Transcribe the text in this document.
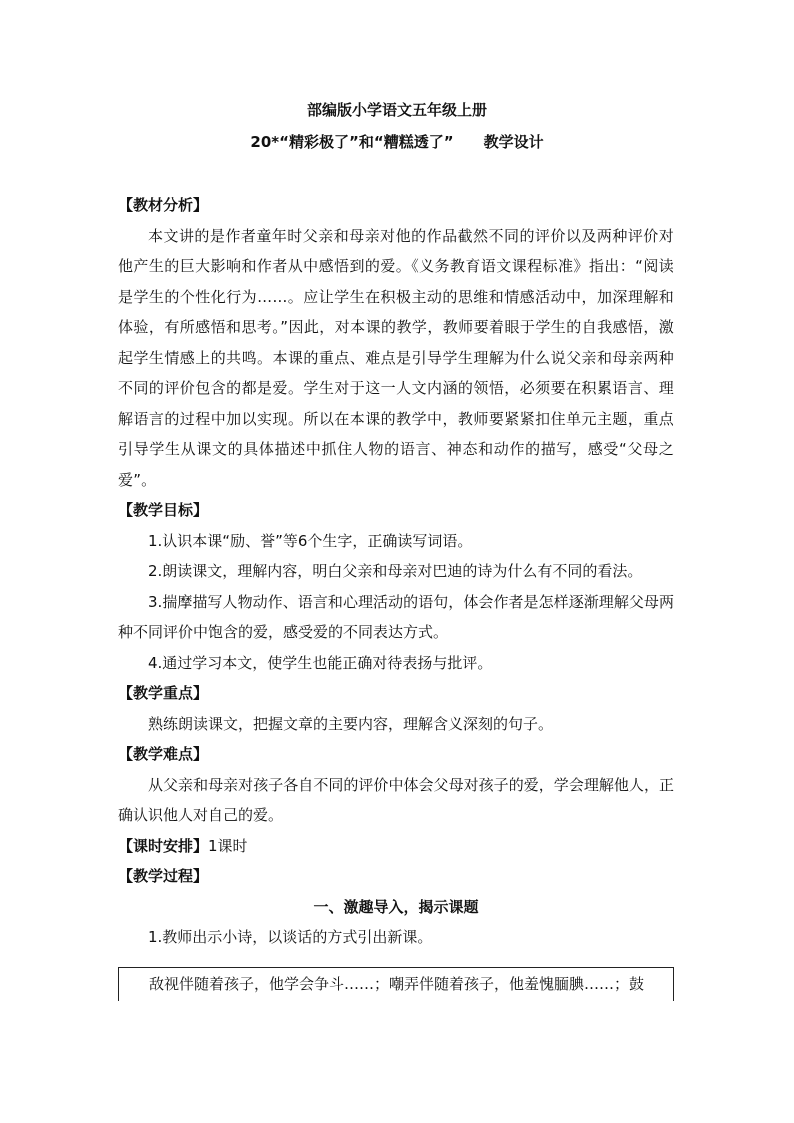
部编版小学语文五年级上册
20*“精彩极了”和“糟糕透了”　　教学设计

【教材分析】

本文讲的是作者童年时父亲和母亲对他的作品截然不同的评价以及两种评价对他产生的巨大影响和作者从中感悟到的爱。《义务教育语文课程标准》指出：“阅读是学生的个性化行为……。应让学生在积极主动的思维和情感活动中，加深理解和体验，有所感悟和思考。”因此，对本课的教学，教师要着眼于学生的自我感悟，激起学生情感上的共鸣。本课的重点、难点是引导学生理解为什么说父亲和母亲两种不同的评价包含的都是爱。学生对于这一人文内涵的领悟，必须要在积累语言、理解语言的过程中加以实现。所以在本课的教学中，教师要紧紧扣住单元主题，重点引导学生从课文的具体描述中抓住人物的语言、神态和动作的描写，感受“父母之爱”。

【教学目标】

1.认识本课“励、誉”等6个生字，正确读写词语。

2.朗读课文，理解内容，明白父亲和母亲对巴迪的诗为什么有不同的看法。

3.揣摩描写人物动作、语言和心理活动的语句，体会作者是怎样逐渐理解父母两种不同评价中饱含的爱，感受爱的不同表达方式。

4.通过学习本文，使学生也能正确对待表扬与批评。

【教学重点】

熟练朗读课文，把握文章的主要内容，理解含义深刻的句子。

【教学难点】

从父亲和母亲对孩子各自不同的评价中体会父母对孩子的爱，学会理解他人，正确认识他人对自己的爱。

【课时安排】1课时

【教学过程】

一、激趣导入，揭示课题

1.教师出示小诗，以谈话的方式引出新课。

敌视伴随着孩子，他学会争斗……；嘲弄伴随着孩子，他羞愧腼腆……；鼓
